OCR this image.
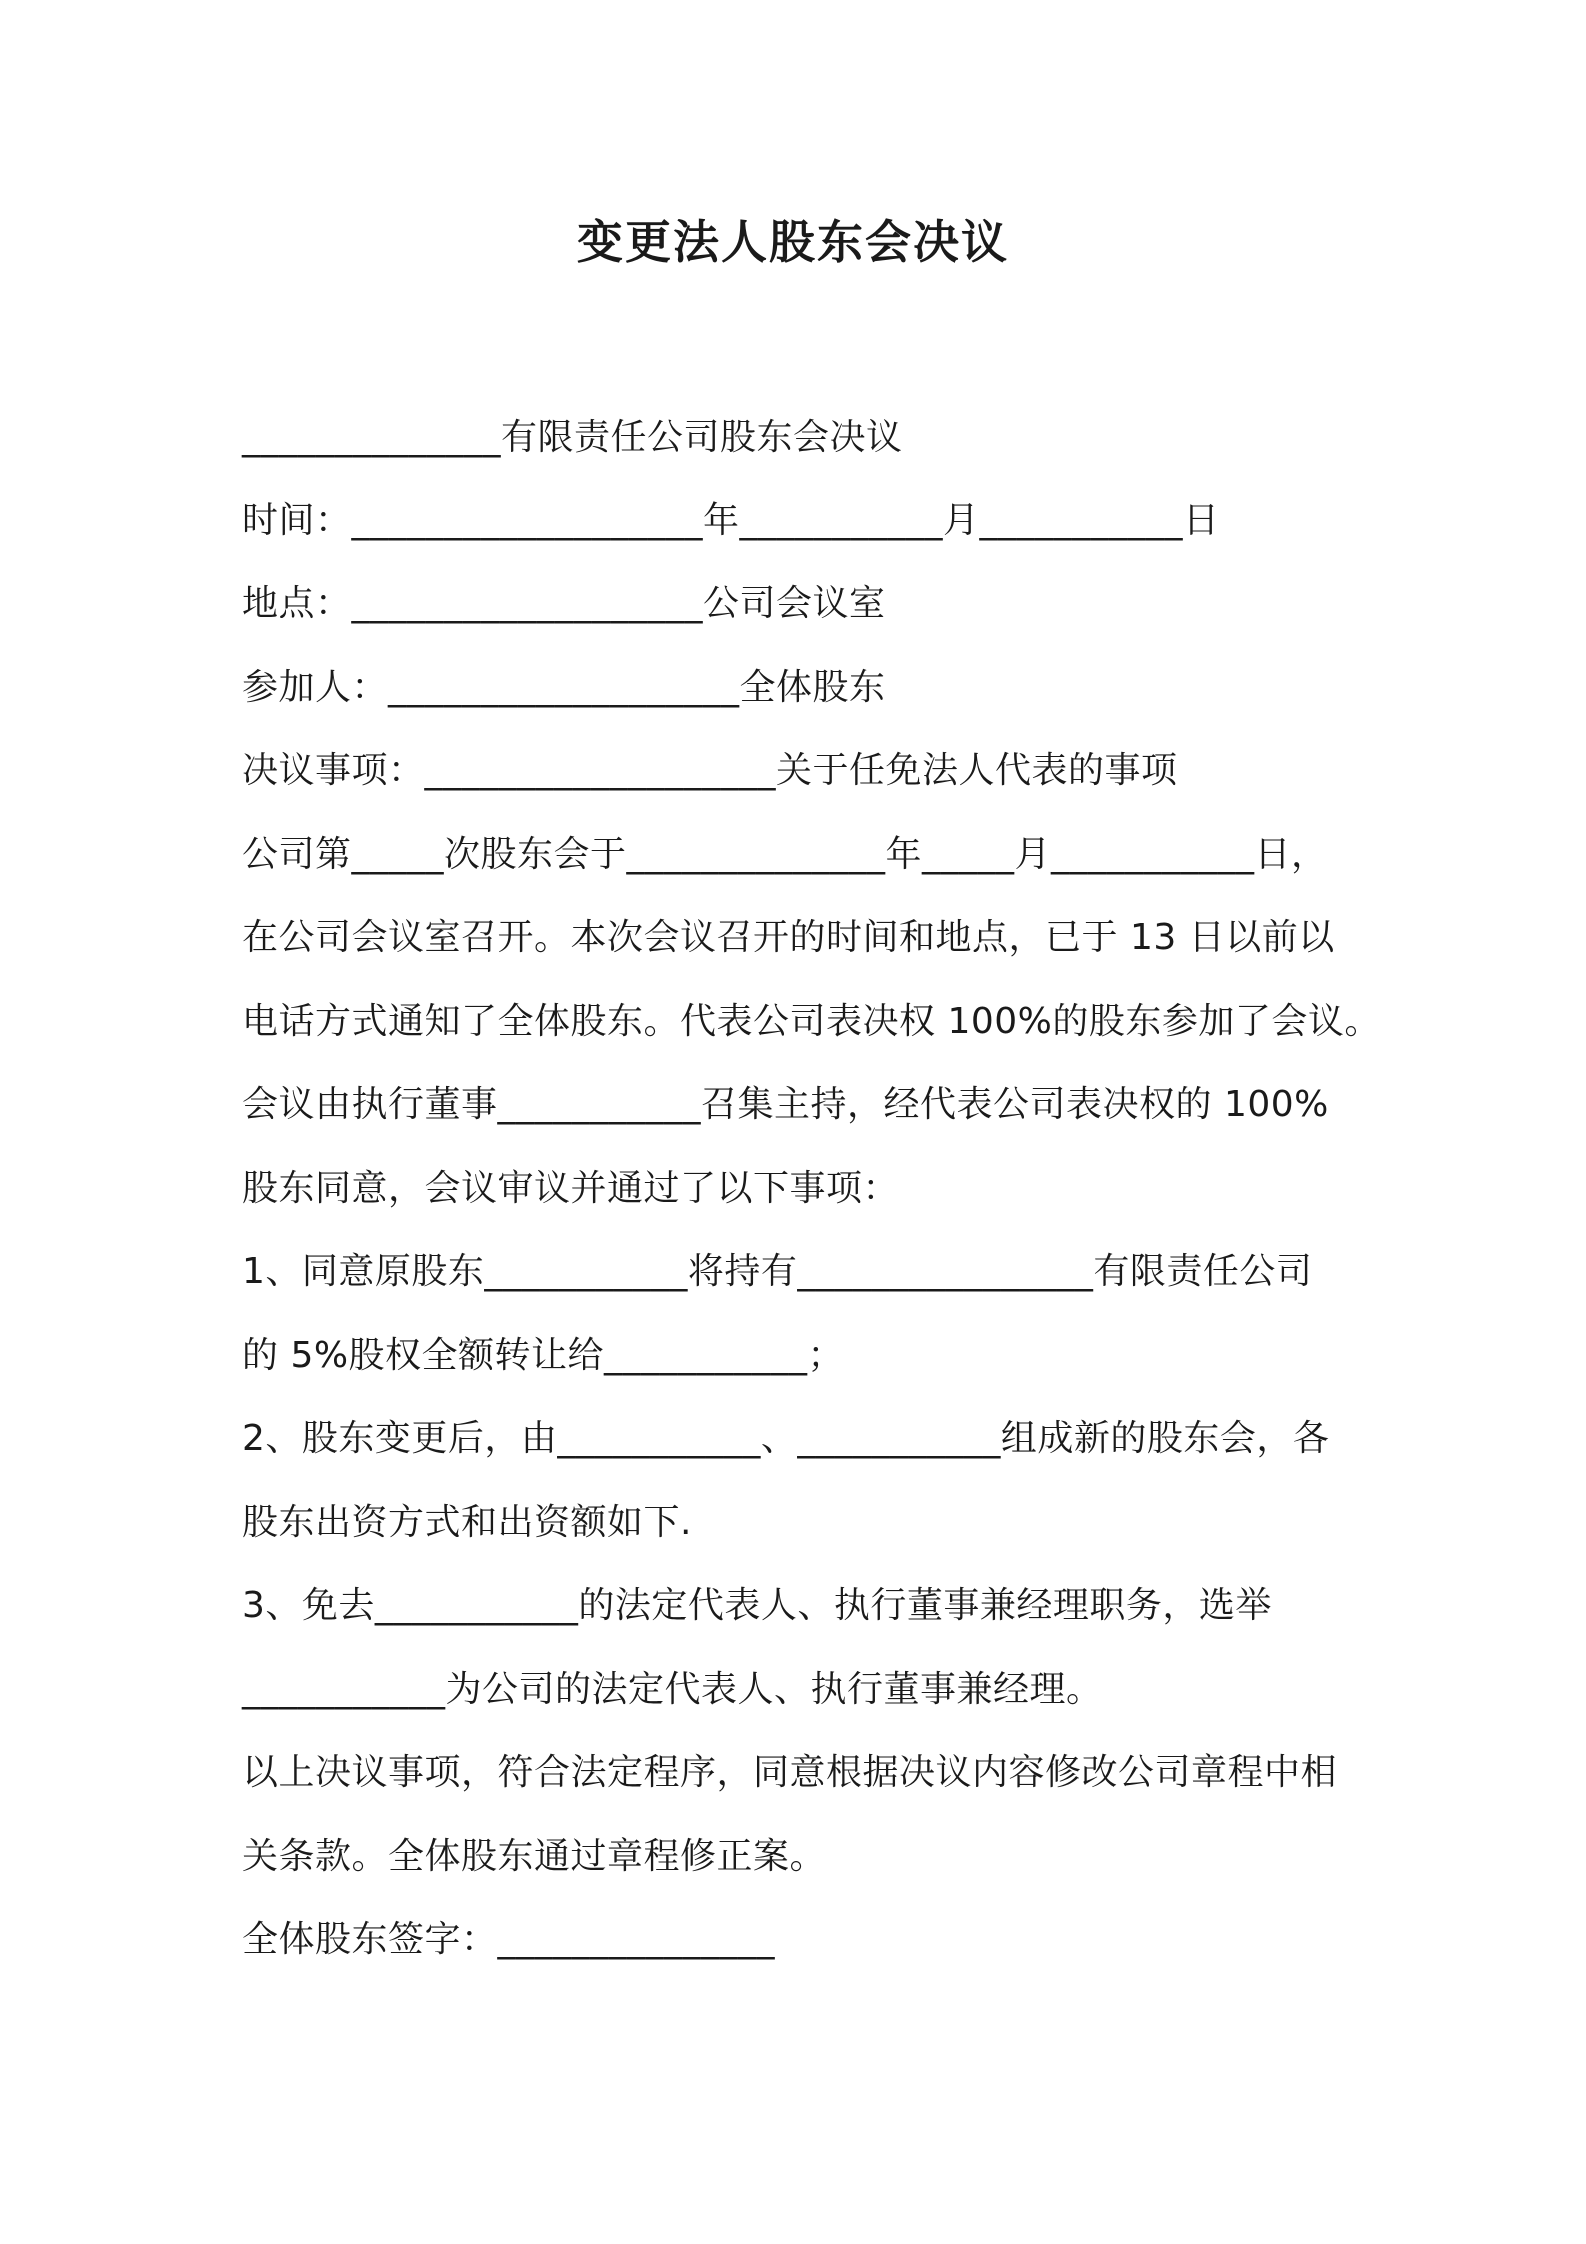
变更法人股东会决议
______________有限责任公司股东会决议
时间：___________________年___________月___________日
地点：___________________公司会议室
参加人：___________________全体股东
决议事项：___________________关于任免法人代表的事项
公司第_____次股东会于______________年_____月___________日，
在公司会议室召开。本次会议召开的时间和地点，已于 13 日以前以
电话方式通知了全体股东。代表公司表决权 100%的股东参加了会议。
会议由执行董事___________召集主持，经代表公司表决权的 100%
股东同意，会议审议并通过了以下事项：
1、同意原股东___________将持有________________有限责任公司
的 5%股权全额转让给___________；
2、股东变更后，由___________、___________组成新的股东会，各
股东出资方式和出资额如下.
3、免去___________的法定代表人、执行董事兼经理职务，选举
___________为公司的法定代表人、执行董事兼经理。
以上决议事项，符合法定程序，同意根据决议内容修改公司章程中相
关条款。全体股东通过章程修正案。
全体股东签字：_______________
